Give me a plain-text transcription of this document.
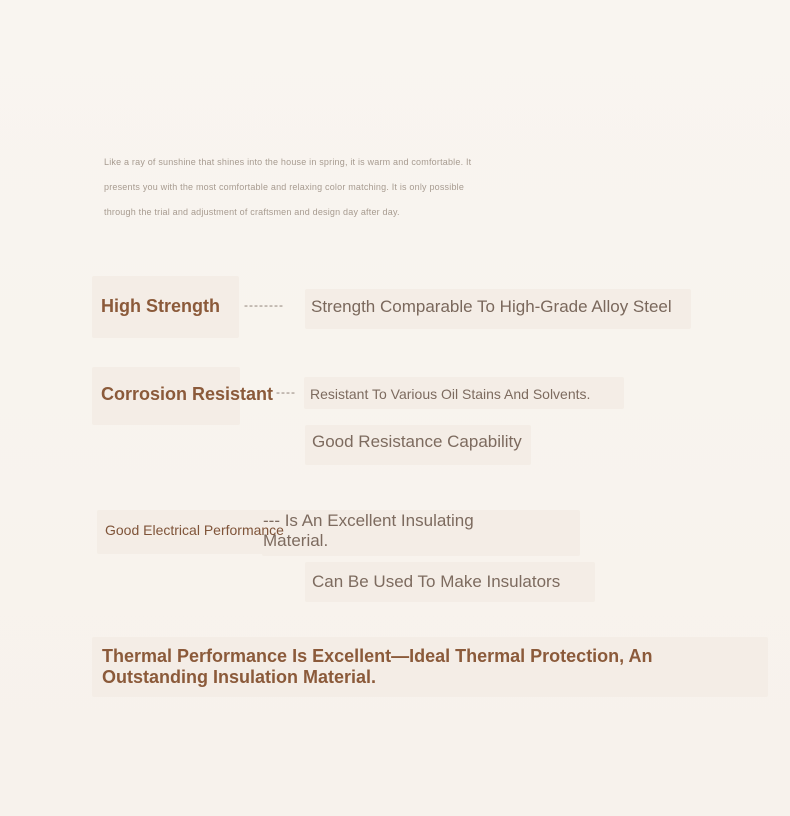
Like a ray of sunshine that shines into the house in spring, it is warm and comfortable. It

presents you with the most comfortable and relaxing color matching. It is only possible

through the trial and adjustment of craftsmen and design day after day.

High Strength -------- Strength Comparable To High-Grade Alloy Steel
Corrosion Resistant ---- Resistant To Various Oil Stains And Solvents.
Good Resistance Capability
--- Is An Excellent Insulating Material.
Good Electrical Performance
Can Be Used To Make Insulators
Thermal Performance Is Excellent—Ideal Thermal Protection, An Outstanding Insulation Material.
